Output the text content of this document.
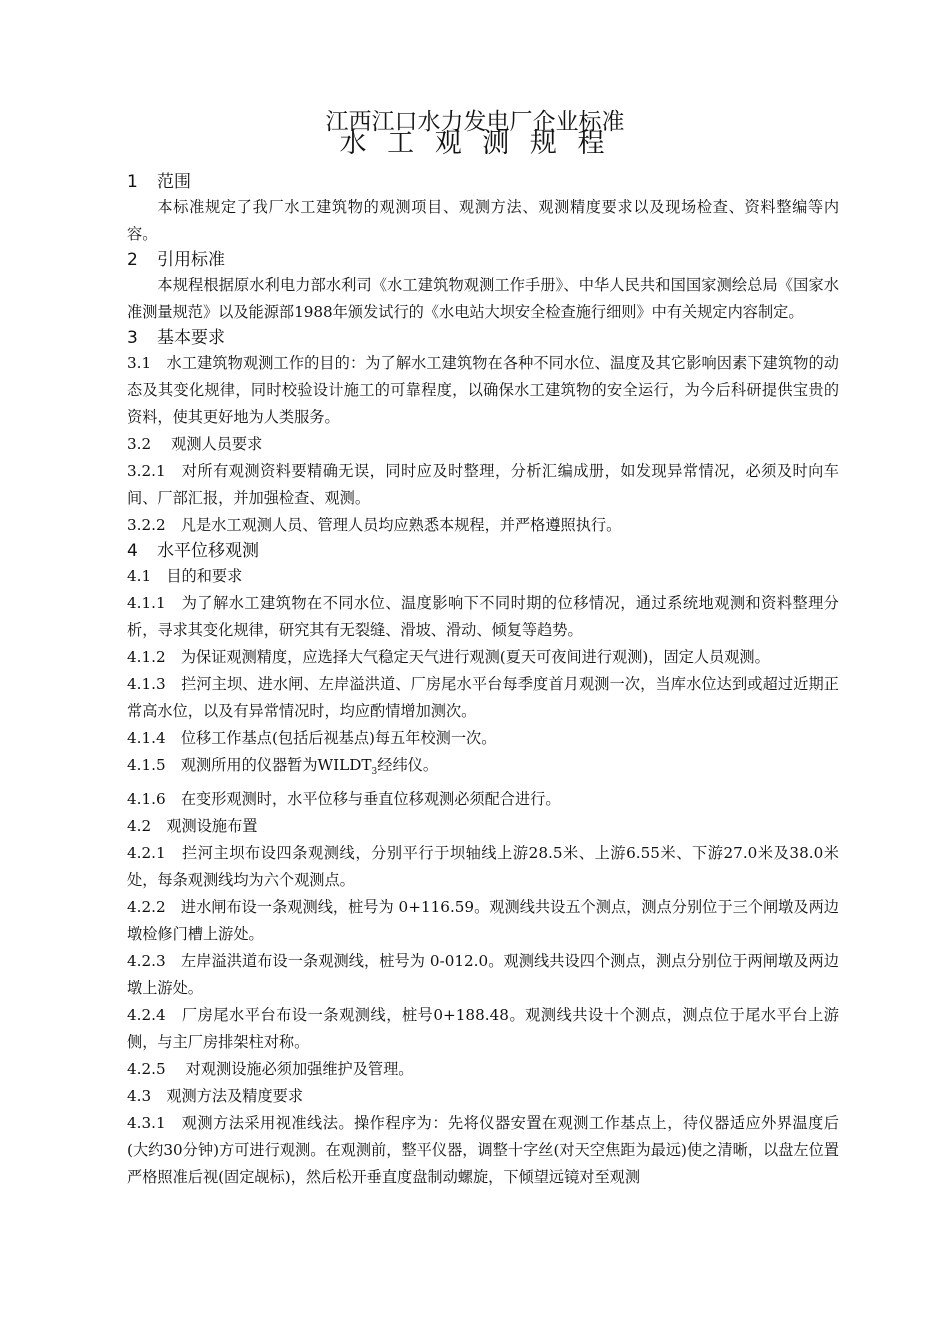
江西江口水力发电厂企业标准
水 工 观 测 规 程
1 范围

本标准规定了我厂水工建筑物的观测项目、观测方法、观测精度要求以及现场检查、资料整编等内容。

2 引用标准

本规程根据原水利电力部水利司《水工建筑物观测工作手册》、中华人民共和国国家测绘总局《国家水准测量规范》以及能源部1988年颁发试行的《水电站大坝安全检查施行细则》中有关规定内容制定。

3 基本要求

3.1　水工建筑物观测工作的目的：为了解水工建筑物在各种不同水位、温度及其它影响因素下建筑物的动态及其变化规律，同时校验设计施工的可靠程度，以确保水工建筑物的安全运行，为今后科研提供宝贵的资料，使其更好地为人类服务。

3.2　 观测人员要求

3.2.1　对所有观测资料要精确无误，同时应及时整理，分析汇编成册，如发现异常情况，必须及时向车间、厂部汇报，并加强检查、观测。

3.2.2　凡是水工观测人员、管理人员均应熟悉本规程，并严格遵照执行。

4 水平位移观测

4.1　目的和要求

4.1.1　为了解水工建筑物在不同水位、温度影响下不同时期的位移情况，通过系统地观测和资料整理分析，寻求其变化规律，研究其有无裂缝、滑坡、滑动、倾复等趋势。

4.1.2　为保证观测精度，应选择大气稳定天气进行观测(夏天可夜间进行观测)，固定人员观测。

4.1.3　拦河主坝、进水闸、左岸溢洪道、厂房尾水平台每季度首月观测一次，当库水位达到或超过近期正常高水位，以及有异常情况时，均应酌情增加测次。

4.1.4　位移工作基点(包括后视基点)每五年校测一次。

4.1.5　观测所用的仪器暂为$WILDT_3$经纬仪。

4.1.6　在变形观测时，水平位移与垂直位移观测必须配合进行。

4.2　观测设施布置

4.2.1　拦河主坝布设四条观测线，分别平行于坝轴线上游28.5米、上游6.55米、下游27.0米及38.0米处，每条观测线均为六个观测点。

4.2.2　进水闸布设一条观测线，桩号为 0+116.59。观测线共设五个测点，测点分别位于三个闸墩及两边墩检修门槽上游处。

4.2.3　左岸溢洪道布设一条观测线，桩号为 0-012.0。观测线共设四个测点，测点分别位于两闸墩及两边墩上游处。

4.2.4　厂房尾水平台布设一条观测线，桩号0+188.48。观测线共设十个测点，测点位于尾水平台上游侧，与主厂房排架柱对称。

4.2.5　 对观测设施必须加强维护及管理。

4.3　观测方法及精度要求

4.3.1　观测方法采用视准线法。操作程序为：先将仪器安置在观测工作基点上，待仪器适应外界温度后(大约30分钟)方可进行观测。在观测前，整平仪器，调整十字丝(对天空焦距为最远)使之清晰，以盘左位置严格照准后视(固定觇标)，然后松开垂直度盘制动螺旋，下倾望远镜对至观测
